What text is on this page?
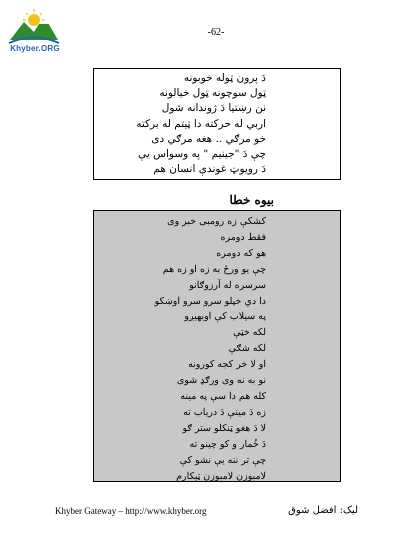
Khyber.ORG
-62-
دَ پرون ټوله خوبونه
ټول سوچونه ټول خیالونه
نن رښتیا دَ ژوندانه شول
اربي له حرکته دا ټیتم له برکته
خو مرګي .. هغه مرګي دی
چې دَ "جینیم " په وسواس یې
دَ رویوټ غوندې انسان هم
بیوه خطا
کشکې زه رومبی خبر وی
فقط دومره
هو که دومره
چې یو ورځ به زه او زه هم
سرسره له آرزوګانو
دا دي خپلو سرو سرو اوښکو
په سیلاب کې اوبهیږو
لکه خټې
لکه شګې
او لا خر کجه کورونه
نو به نه وی ورګډ شوی
کله هم دا سې په مینه
زه دَ مینې دَ دریاب ته
لا دَ هغو ټنکلو ستر ګو
دَ خُمار و کو چینو ته
چې تر ننه یې نشو کې
لامبوزن لامبوزن ټیکارم
Khyber Gateway – http://www.khyber.org	لیک: افضل شوق
